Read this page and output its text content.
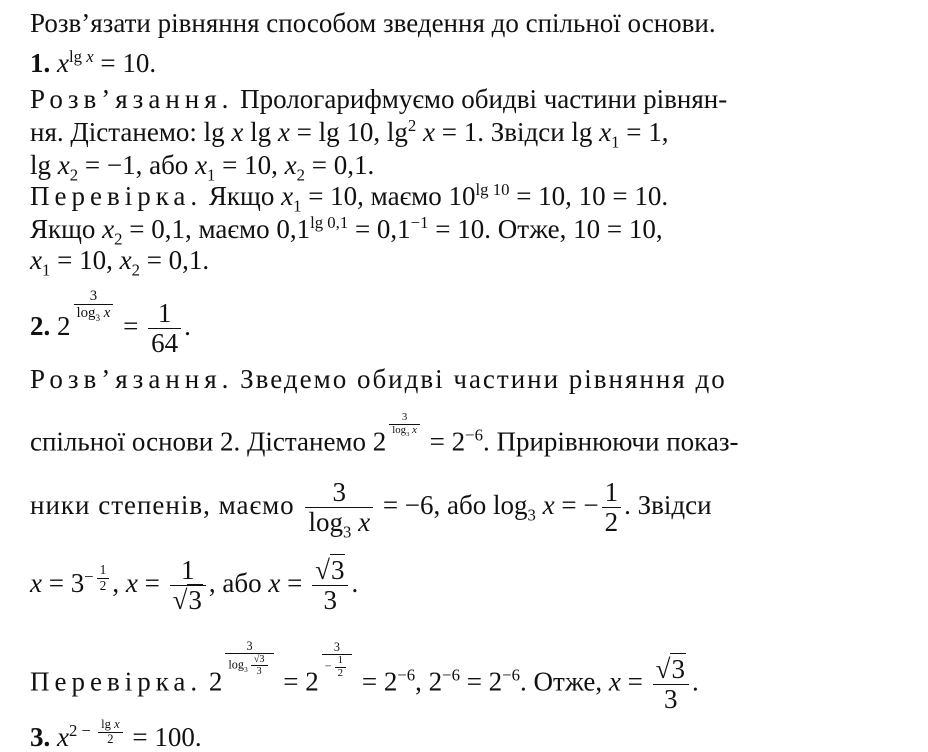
Розв’язати рівняння способом зведення до спільної основи.
1. $x^{lg x} = 10$.
Розв’язання. Прологарифмуємо обидві частини рівнян-
ня. Дістанемо: lg x lg x = lg 10, $\lg^2 x = 1$. Звідси $\lg x_1 = 1$,
$\lg x_2 = -1$, або $x_1 = 10$, $x_2 = 0,1$.
Перевірка. Якщо $x_1 = 10$, маємо $10^{lg 10} = 10$, 10 = 10.
Якщо $x_2 = 0,1$, маємо $0,1^{lg 0,1} = 0,1^{-1} = 10$. Отже, 10 = 10,
$x_1 = 10$, $x_2 = 0,1$.
2. 2
$\frac{3}{\log_3 x}$
= $\frac{1}{64}$ .
Розв’язання. Зведемо обидві частини рівняння до
спільної основи 2. Дістанемо 2
$\frac{3}{\log_3 x}$
= $2^{-6}$. Прирівнюючи показ-
ники степенів, маємо $\frac{3}{\log_3 x} = -6$, або $\log_3 x$ = − $\frac{1}{2}$ . Звідси
$x = 3^{- \frac{1}{2}}$ , $x = \frac{1}{√3}$ , або $x = \frac{√3}{3}$ .
Перевірка. 2
$\frac{3}{\log_3 \frac{√3}{3}}$
= 2
$\frac{3}{- \frac{1}{2}}$
= $2^{-6}$, $2^{-6} = 2^{-6}$. Отже, $x = \frac{√3}{3}$ .
3. $x^{2 - \frac{\text{lg x}}{2}} = 100$.
